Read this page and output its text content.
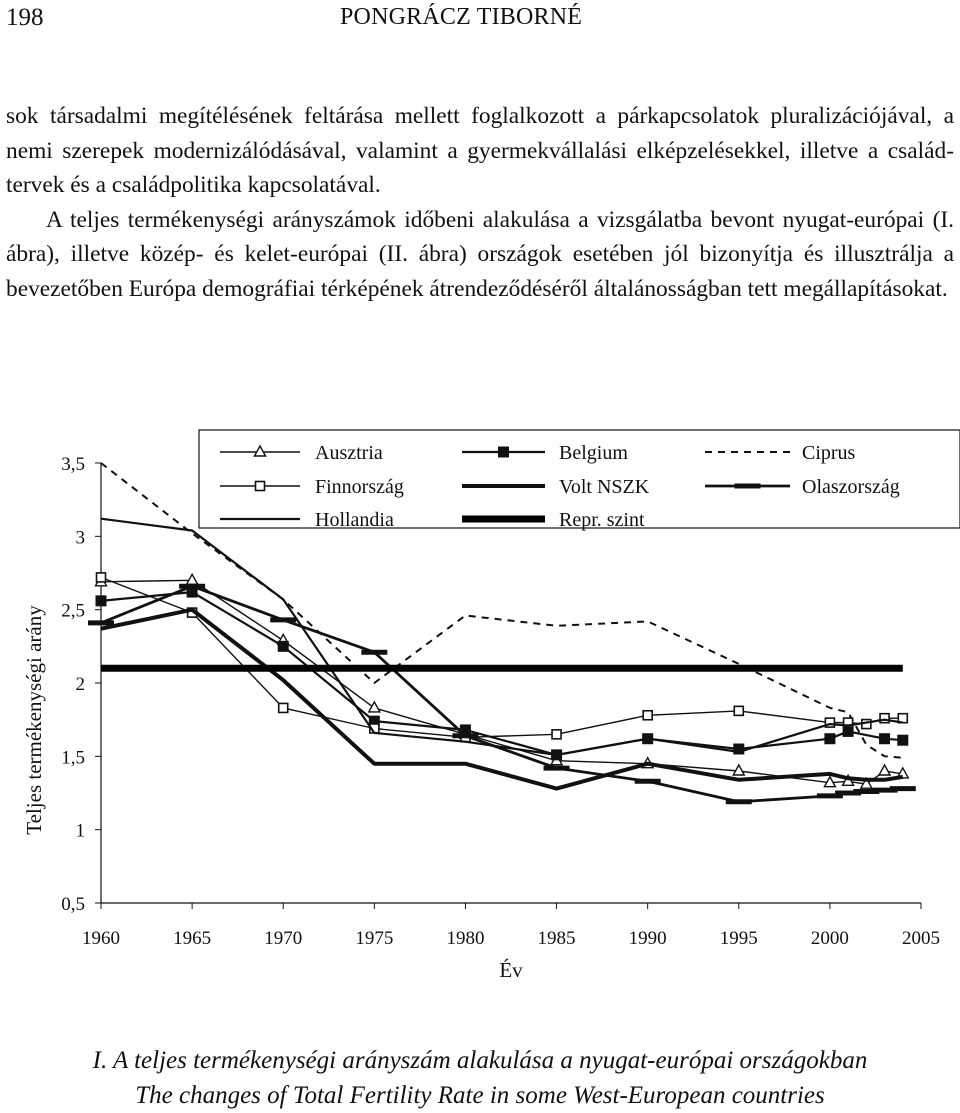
198	PONGRÁCZ TIBORNÉ

sok társadalmi megítélésének feltárása mellett foglalkozott a párkapcsolatok pluralizációjával, a nemi szerepek modernizálódásával, valamint a gyermekvállalási elképzelésekkel, illetve a család-tervek és a családpolitika kapcsolatával.

A teljes termékenységi arányszámok időbeni alakulása a vizsgálatba bevont nyugat-európai (I. ábra), illetve közép- és kelet-európai (II. ábra) országok esetében jól bizonyítja és illusztrálja a bevezetőben Európa demográfiai térképének átrendeződéséről általánosságban tett megállapításokat.

1960	1965	1970	1975	1980	1985	1990	1995	2000	2005
0,5
1
1,5
2
2,5
3
3,5
Ausztria	Belgium	Ciprus
Finnország	Volt NSZK	Olaszország
Hollandia	Repr. szint
Teljes termékenységi arány
Év
I. A teljes termékenységi arányszám alakulása a nyugat-európai országokban
The changes of Total Fertility Rate in some West-European countries
